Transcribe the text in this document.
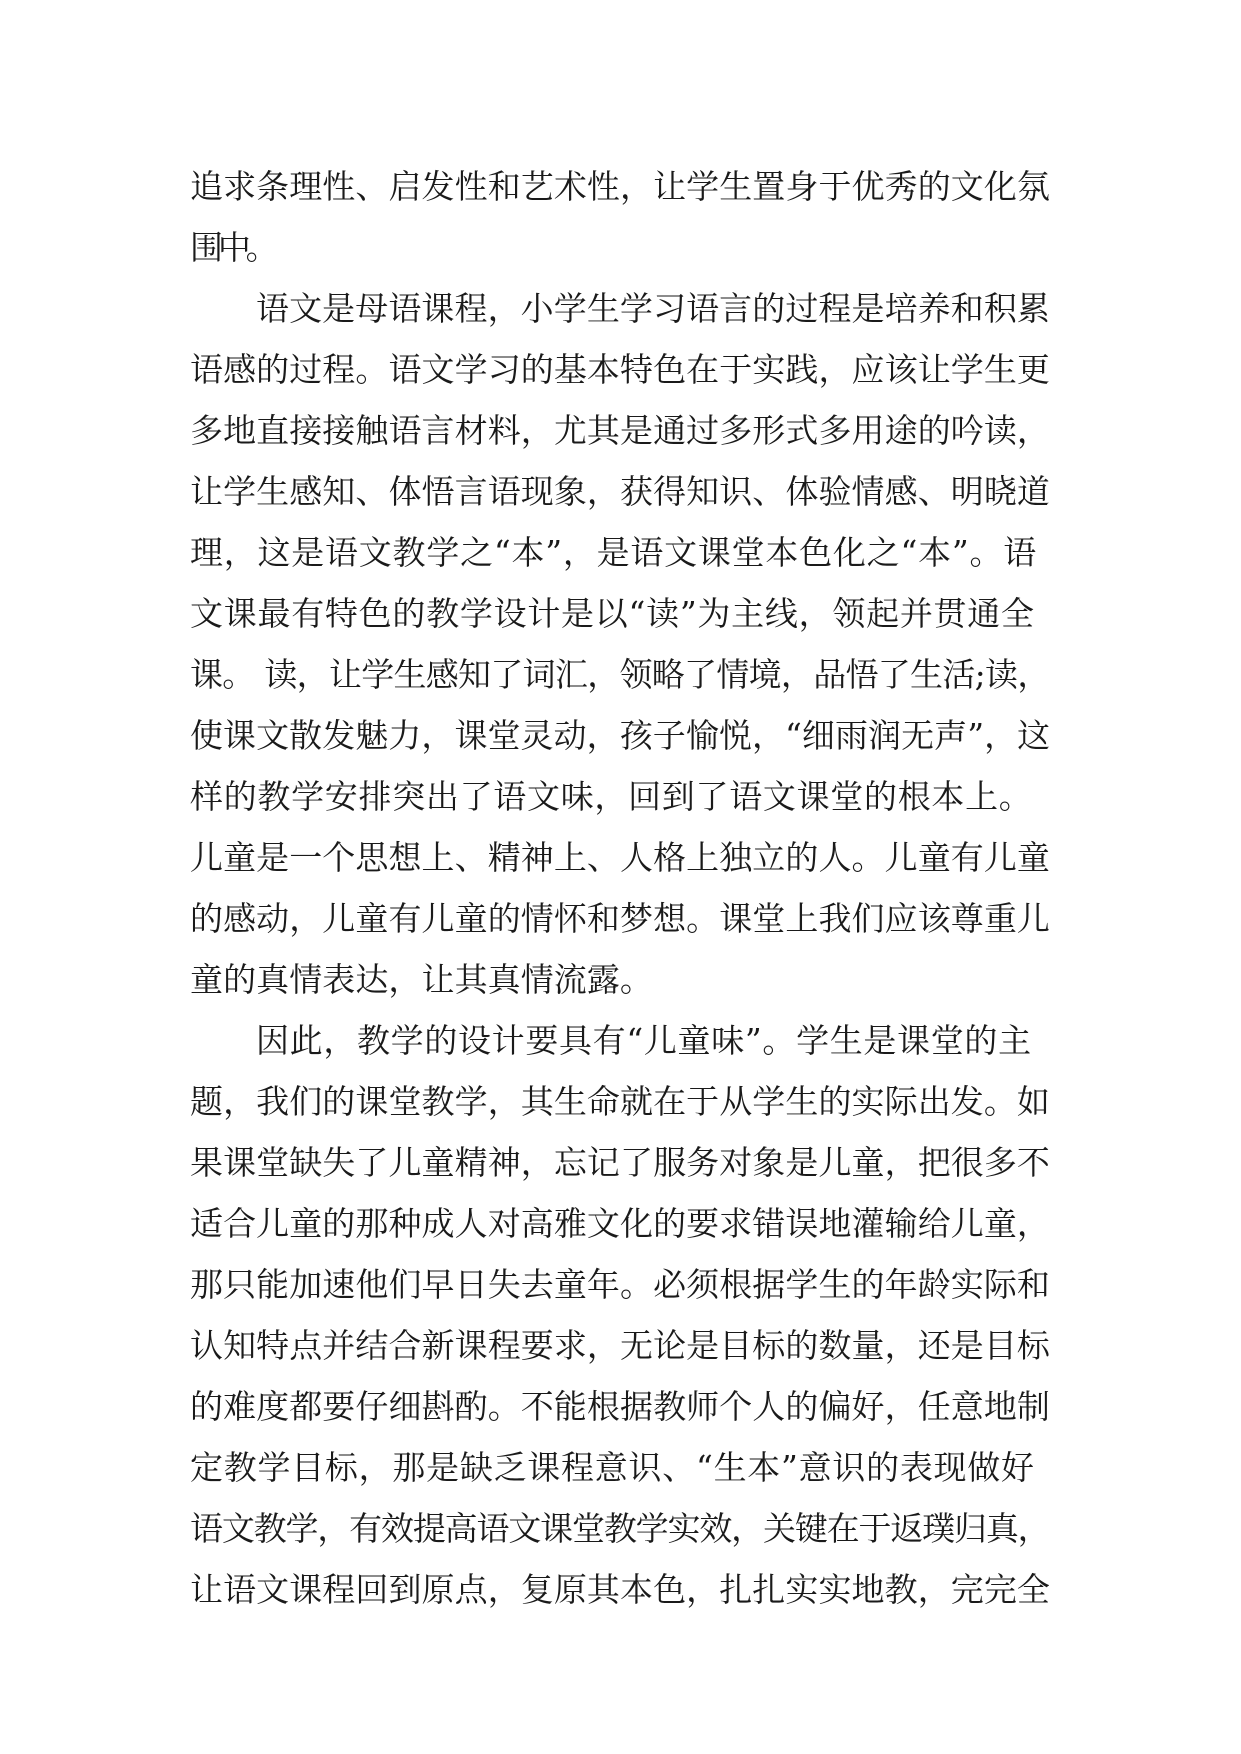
追求条理性、启发性和艺术性，让学生置身于优秀的文化氛
围中。
语文是母语课程，小学生学习语言的过程是培养和积累
语感的过程。语文学习的基本特色在于实践，应该让学生更
多地直接接触语言材料，尤其是通过多形式多用途的吟读，
让学生感知、体悟言语现象，获得知识、体验情感、明晓道
理，这是语文教学之“本”，是语文课堂本色化之“本”。语
文课最有特色的教学设计是以“读”为主线，领起并贯通全
课。 读，让学生感知了词汇，领略了情境，品悟了生活;读，
使课文散发魅力，课堂灵动，孩子愉悦，“细雨润无声”，这
样的教学安排突出了语文味，回到了语文课堂的根本上。
儿童是一个思想上、精神上、人格上独立的人。儿童有儿童
的感动，儿童有儿童的情怀和梦想。课堂上我们应该尊重儿
童的真情表达，让其真情流露。
因此，教学的设计要具有“儿童味”。学生是课堂的主
题，我们的课堂教学，其生命就在于从学生的实际出发。如
果课堂缺失了儿童精神，忘记了服务对象是儿童，把很多不
适合儿童的那种成人对高雅文化的要求错误地灌输给儿童，
那只能加速他们早日失去童年。必须根据学生的年龄实际和
认知特点并结合新课程要求，无论是目标的数量，还是目标
的难度都要仔细斟酌。不能根据教师个人的偏好，任意地制
定教学目标，那是缺乏课程意识、“生本”意识的表现做好
语文教学，有效提高语文课堂教学实效，关键在于返璞归真，
让语文课程回到原点，复原其本色，扎扎实实地教，完完全
